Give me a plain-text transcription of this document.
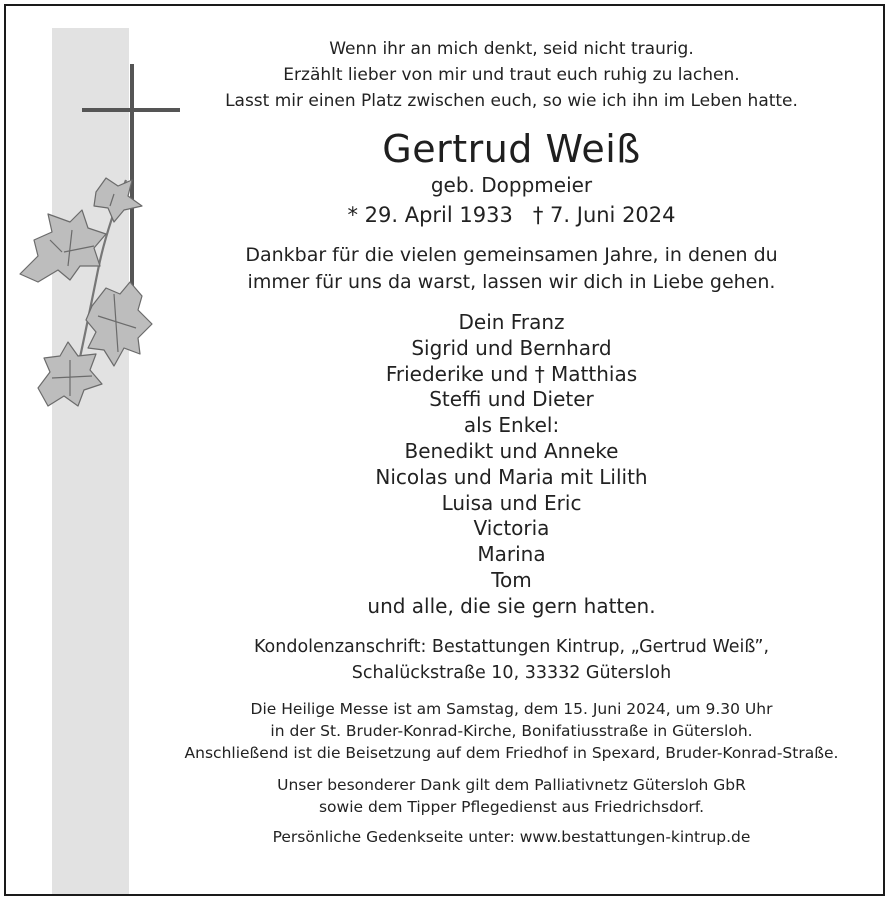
Wenn ihr an mich denkt, seid nicht traurig.
Erzählt lieber von mir und traut euch ruhig zu lachen.
Lasst mir einen Platz zwischen euch, so wie ich ihn im Leben hatte.
Gertrud Weiß
geb. Doppmeier
* 29. April 1933 † 7. Juni 2024
Dankbar für die vielen gemeinsamen Jahre, in denen du
immer für uns da warst, lassen wir dich in Liebe gehen.
Dein Franz
Sigrid und Bernhard
Friederike und † Matthias
Steffi und Dieter
als Enkel:
Benedikt und Anneke
Nicolas und Maria mit Lilith
Luisa und Eric
Victoria
Marina
Tom
und alle, die sie gern hatten.
Kondolenzanschrift: Bestattungen Kintrup, „Gertrud Weiß”,
Schalückstraße 10, 33332 Gütersloh
Die Heilige Messe ist am Samstag, dem 15. Juni 2024, um 9.30 Uhr
in der St. Bruder-Konrad-Kirche, Bonifatiusstraße in Gütersloh.
Anschließend ist die Beisetzung auf dem Friedhof in Spexard, Bruder-Konrad-Straße.
Unser besonderer Dank gilt dem Palliativnetz Gütersloh GbR
sowie dem Tipper Pflegedienst aus Friedrichsdorf.
Persönliche Gedenkseite unter: www.bestattungen-kintrup.de
